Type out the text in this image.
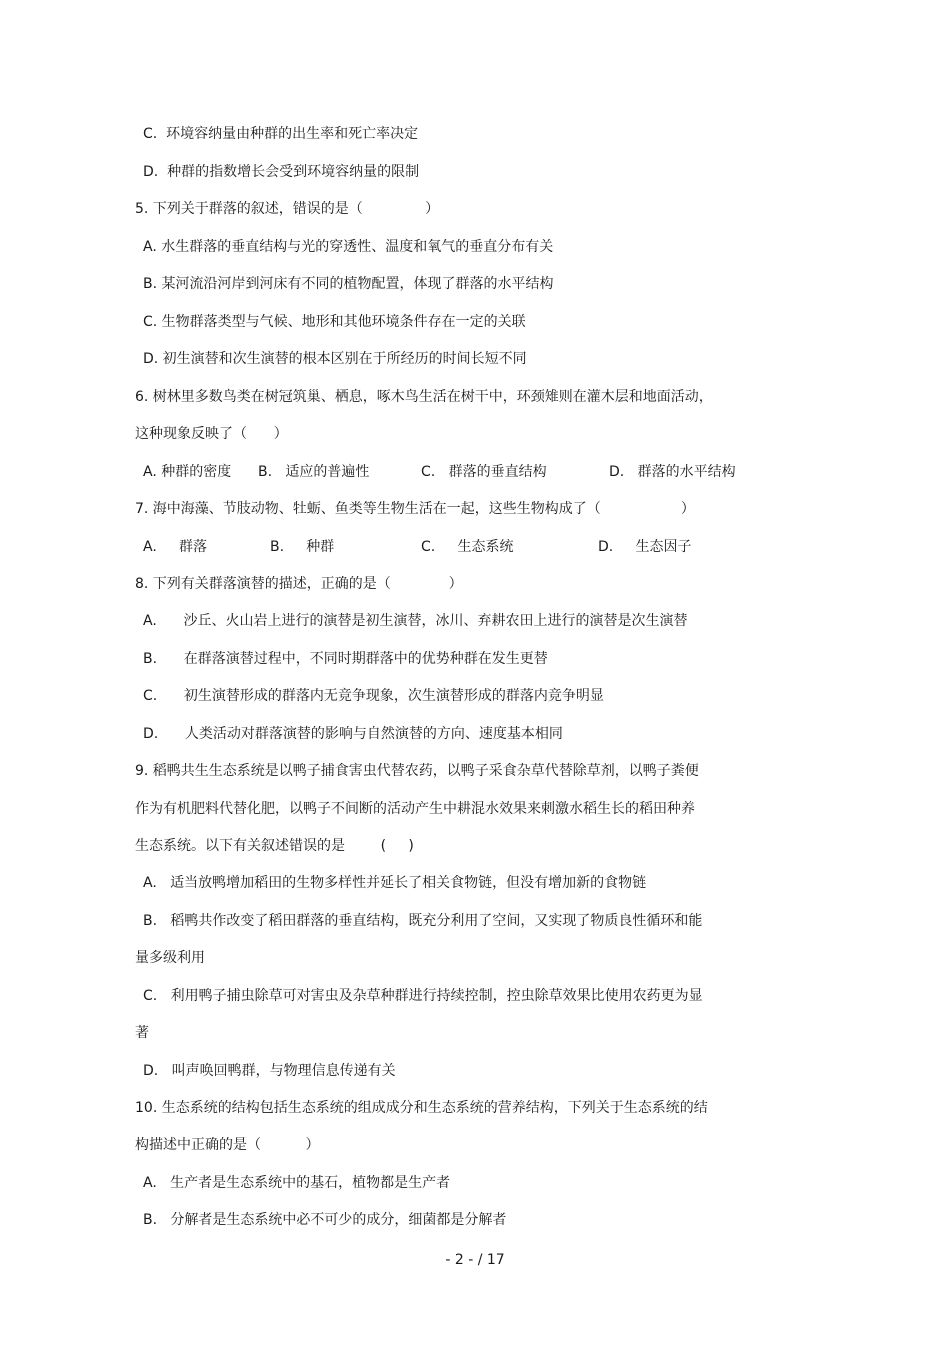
C.  环境容纳量由种群的出生率和死亡率决定
D.  种群的指数增长会受到环境容纳量的限制
5. 下列关于群落的叙述，错误的是（              ）
A. 水生群落的垂直结构与光的穿透性、温度和氧气的垂直分布有关
B. 某河流沿河岸到河床有不同的植物配置，体现了群落的水平结构
C. 生物群落类型与气候、地形和其他环境条件存在一定的关联
D. 初生演替和次生演替的根本区别在于所经历的时间长短不同
6. 树林里多数鸟类在树冠筑巢、栖息，啄木鸟生活在树干中，环颈雉则在灌木层和地面活动，
这种现象反映了（      ）
A. 种群的密度 B.   适应的普遍性	C.   群落的垂直结构	D.   群落的水平结构
7. 海中海藻、节肢动物、牡蛎、鱼类等生物生活在一起，这些生物构成了（                  ）
A.     群落	B.     种群	C.     生态系统	D.     生态因子
8. 下列有关群落演替的描述，正确的是（             ）
A.      沙丘、火山岩上进行的演替是初生演替，冰川、弃耕农田上进行的演替是次生演替
B.      在群落演替过程中，不同时期群落中的优势种群在发生更替
C.      初生演替形成的群落内无竞争现象，次生演替形成的群落内竞争明显
D.      人类活动对群落演替的影响与自然演替的方向、速度基本相同
9. 稻鸭共生生态系统是以鸭子捕食害虫代替农药，以鸭子采食杂草代替除草剂，以鸭子粪便
作为有机肥料代替化肥，以鸭子不间断的活动产生中耕混水效果来刺激水稻生长的稻田种养
生态系统。以下有关叙述错误的是        (     )
A.   适当放鸭增加稻田的生物多样性并延长了相关食物链，但没有增加新的食物链
B.   稻鸭共作改变了稻田群落的垂直结构，既充分利用了空间，又实现了物质良性循环和能
量多级利用
C.   利用鸭子捕虫除草可对害虫及杂草种群进行持续控制，控虫除草效果比使用农药更为显
著
D.   叫声唤回鸭群，与物理信息传递有关
10. 生态系统的结构包括生态系统的组成成分和生态系统的营养结构，下列关于生态系统的结
构描述中正确的是（          ）
A.   生产者是生态系统中的基石，植物都是生产者
B.   分解者是生态系统中必不可少的成分，细菌都是分解者
- 2 - / 17
